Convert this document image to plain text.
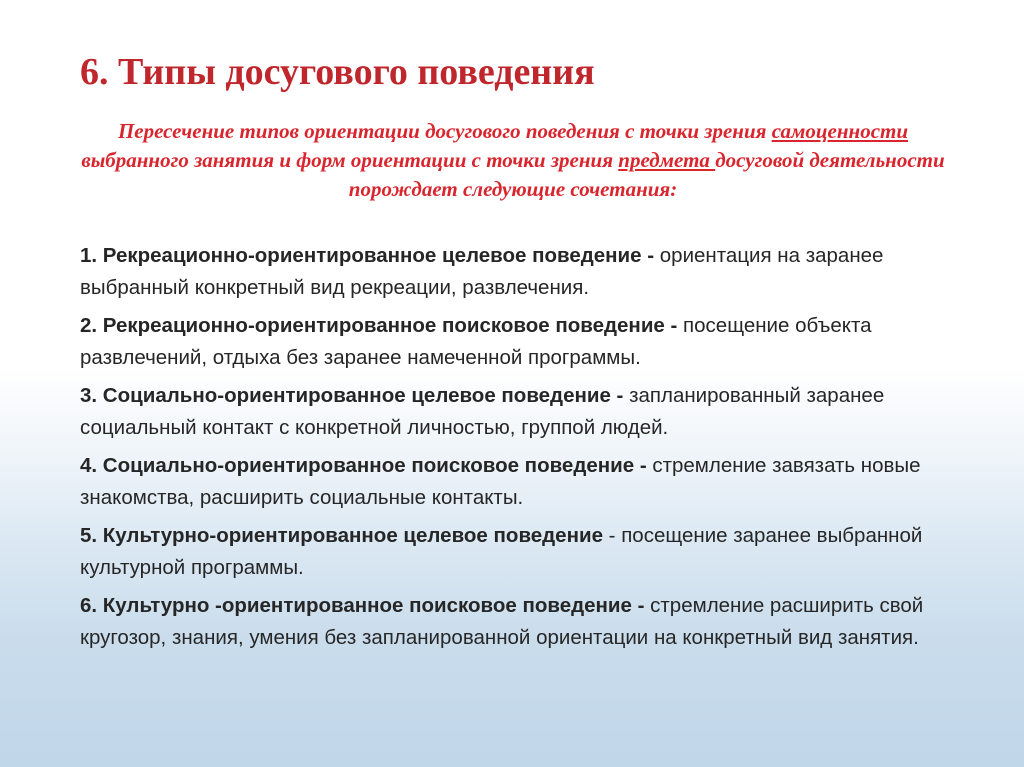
6. Типы досугового поведения
Пересечение типов ориентации досугового поведения с точки зрения самоценности выбранного занятия и форм ориентации с точки зрения предмета досуговой деятельности порождает следующие сочетания:
1. Рекреационно-ориентированное целевое поведение - ориентация на заранее выбранный конкретный вид рекреации, развлечения.
2. Рекреационно-ориентированное поисковое поведение - посещение объекта развлечений, отдыха без заранее намеченной программы.
3. Социально-ориентированное целевое поведение - запланированный заранее социальный контакт с конкретной личностью, группой людей.
4. Социально-ориентированное поисковое поведение - стремление завязать новые знакомства, расширить социальные контакты.
5. Культурно-ориентированное целевое поведение - посещение заранее выбранной культурной программы.
6. Культурно -ориентированное поисковое поведение - стремление расширить свой кругозор, знания, умения без запланированной ориентации на конкретный вид занятия.
